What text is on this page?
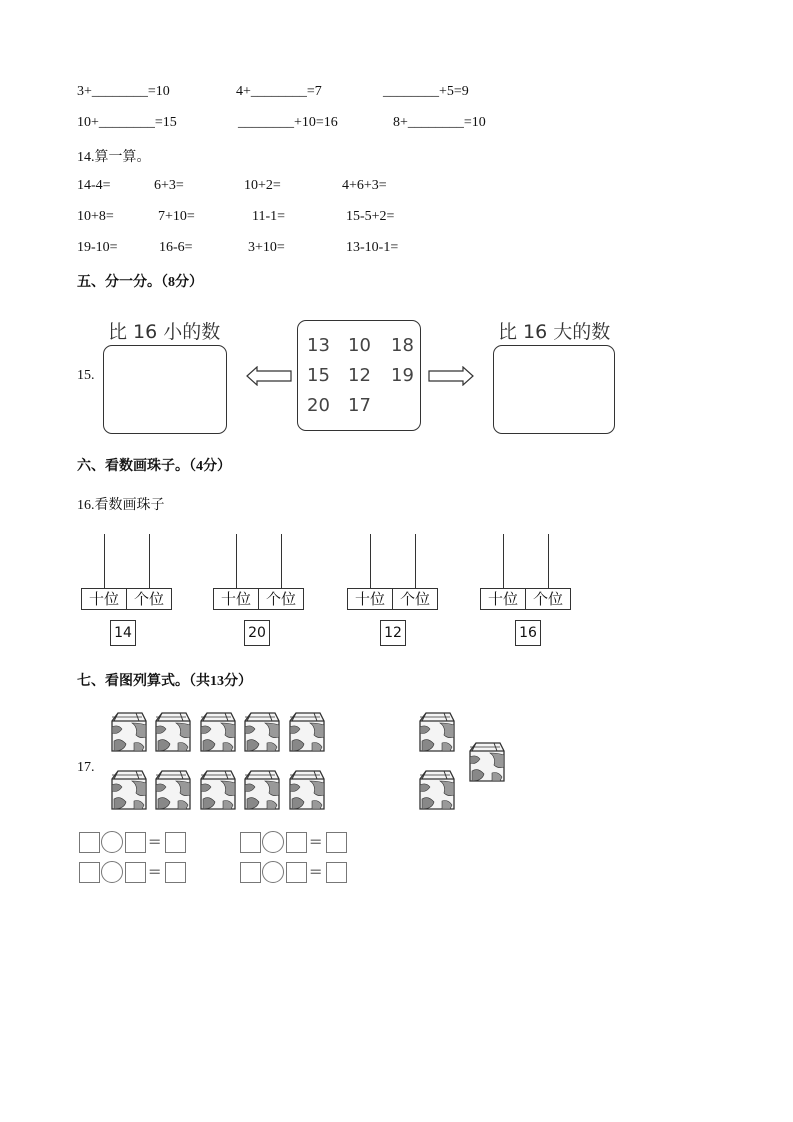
3+________=10	4+________=7	________+5=9
10+________=15	________+10=16	8+________=10
14.算一算。
14-4=	6+3=	10+2=	4+6+3=
10+8=	7+10=	11-1=	15-5+2=
19-10=	16-6=	3+10=	13-10-1=
五、分一分。（8分）
15.
比 16 小的数
13 10 18
15 12 19
20 17
比 16 大的数
六、看数画珠子。（4分）
16.看数画珠子
十位 个位
14
十位 个位
20
十位 个位
12
十位 个位
16
七、看图列算式。（共13分）
17.
=
=
=
=
